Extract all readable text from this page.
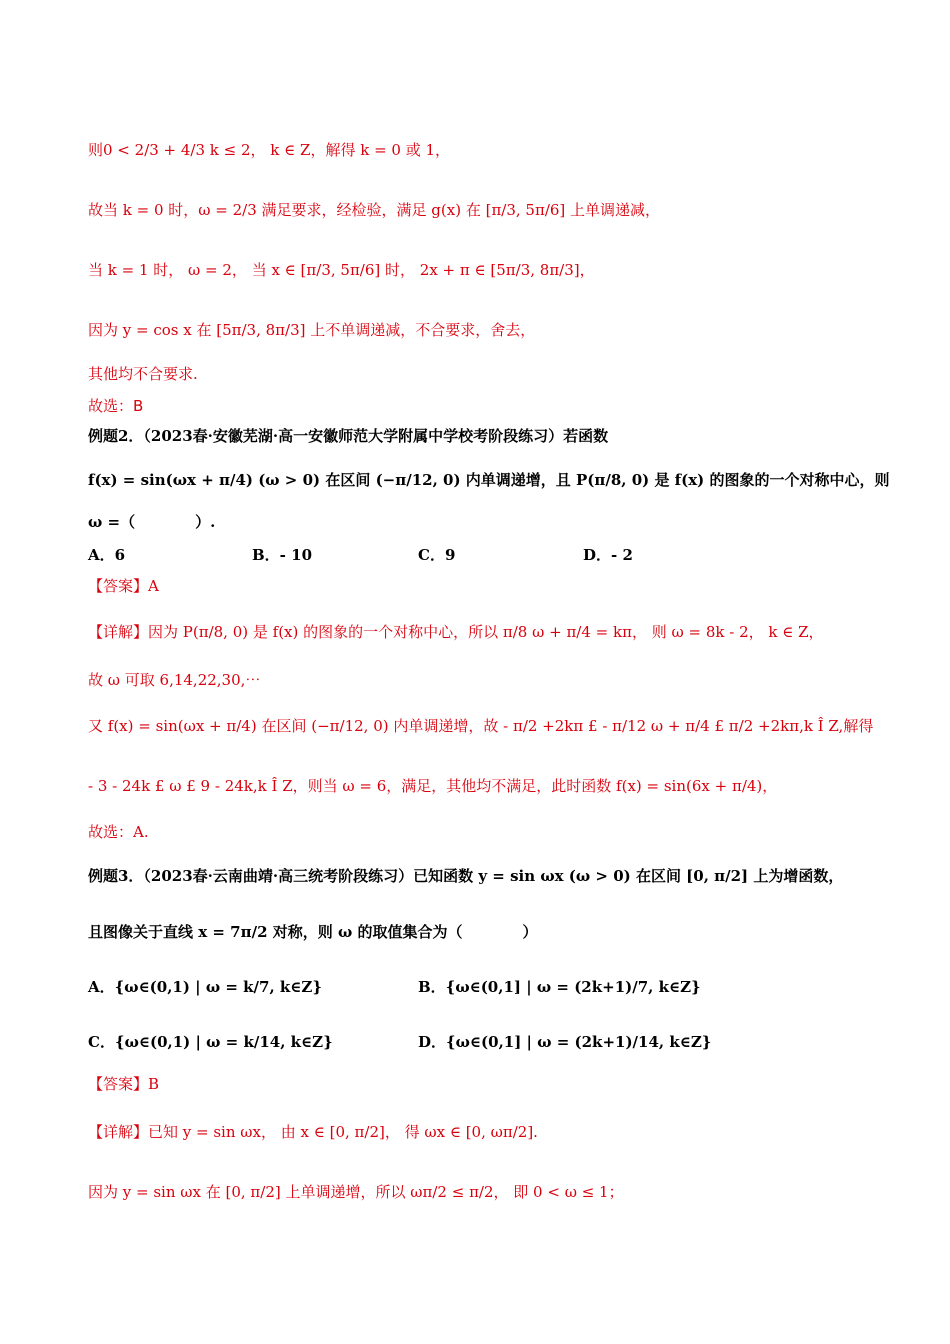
则0 < 2/3 + 4/3 k ≤ 2， k ∈ Z，解得 k = 0 或 1，
故当 k = 0 时，ω = 2/3 满足要求，经检验，满足 g(x) 在 [π/3, 5π/6] 上单调递减，
当 k = 1 时， ω = 2， 当 x ∈ [π/3, 5π/6] 时， 2x + π ∈ [5π/3, 8π/3]，
因为 y = cos x 在 [5π/3, 8π/3] 上不单调递减，不合要求，舍去，
其他均不合要求.
故选：B
例题2．（2023春·安徽芜湖·高一安徽师范大学附属中学校考阶段练习）若函数
f(x) = sin(ωx + π/4) (ω > 0) 在区间 (−π/12, 0) 内单调递增，且 P(π/8, 0) 是 f(x) 的图象的一个对称中心，则
ω =（　　　　）.
A．6	B．- 10	C．9	D．- 2
【答案】A
【详解】因为 P(π/8, 0) 是 f(x) 的图象的一个对称中心，所以 π/8 ω + π/4 = kπ， 则 ω = 8k - 2， k ∈ Z，
故 ω 可取 6,14,22,30,⋯
又 f(x) = sin(ωx + π/4) 在区间 (−π/12, 0) 内单调递增，故 - π/2 +2kπ £ - π/12 ω + π/4 £ π/2 +2kπ,k Î Z,解得
- 3 - 24k £ ω £ 9 - 24k,k Î Z，则当 ω = 6，满足，其他均不满足，此时函数 f(x) = sin(6x + π/4)，
故选：A.
例题3．（2023春·云南曲靖·高三统考阶段练习）已知函数 y = sin ωx (ω > 0) 在区间 [0, π/2] 上为增函数，
且图像关于直线 x = 7π/2 对称，则 ω 的取值集合为（　　　　）
A．{ω∈(0,1) | ω = k/7, k∈Z}	B．{ω∈(0,1] | ω = (2k+1)/7, k∈Z}
C．{ω∈(0,1) | ω = k/14, k∈Z}	D．{ω∈(0,1] | ω = (2k+1)/14, k∈Z}
【答案】B
【详解】已知 y = sin ωx， 由 x ∈ [0, π/2]， 得 ωx ∈ [0, ωπ/2].
因为 y = sin ωx 在 [0, π/2] 上单调递增，所以 ωπ/2 ≤ π/2， 即 0 < ω ≤ 1；
